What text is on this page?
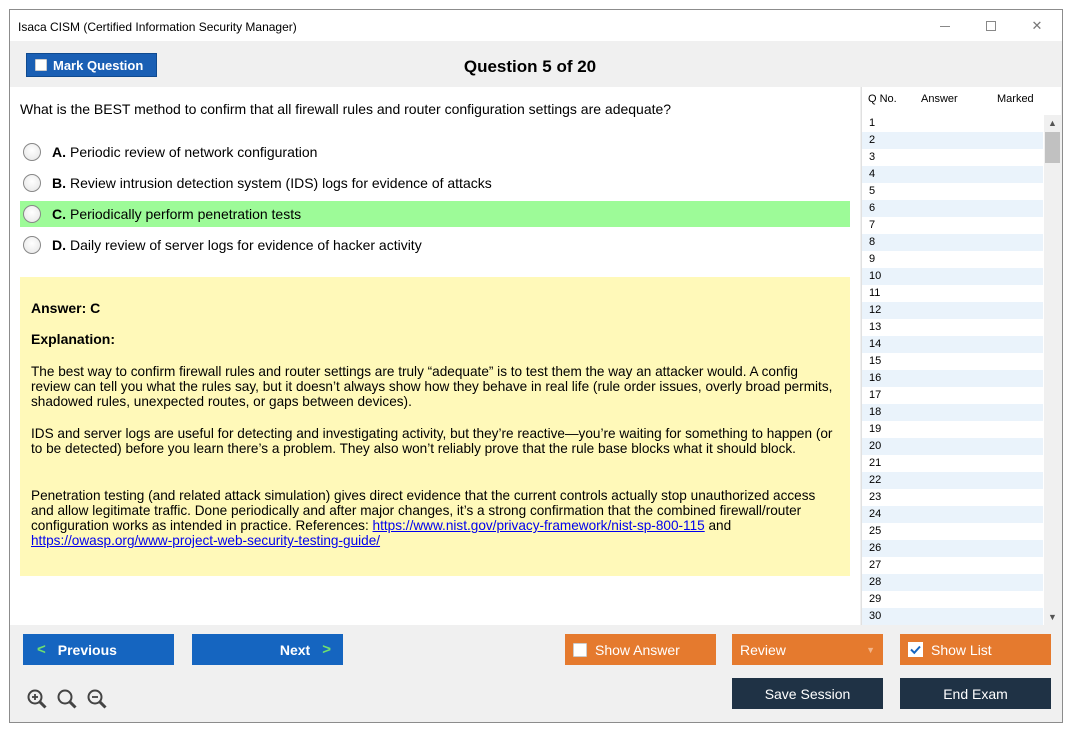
Isaca CISM (Certified Information Security Manager)	✕
Mark Question	Question 5 of 20
What is the BEST method to confirm that all firewall rules and router configuration settings are adequate?
A. Periodic review of network configuration
B. Review intrusion detection system (IDS) logs for evidence of attacks
C. Periodically perform penetration tests
D. Daily review of server logs for evidence of hacker activity
Answer: C
Explanation:
The best way to confirm firewall rules and router settings are truly “adequate” is to test them the way an attacker would. A config review can tell you what the rules say, but it doesn’t always show how they behave in real life (rule order issues, overly broad permits, shadowed rules, unexpected routes, or gaps between devices).
IDS and server logs are useful for detecting and investigating activity, but they’re reactive—you’re waiting for something to happen (or to be detected) before you learn there’s a problem. They also won’t reliably prove that the rule base blocks what it should block.
Penetration testing (and related attack simulation) gives direct evidence that the current controls actually stop unauthorized access and allow legitimate traffic. Done periodically and after major changes, it’s a strong confirmation that the combined firewall/router configuration works as intended in practice. References: https://www.nist.gov/privacy-framework/nist-sp-800-115 and https://owasp.org/www-project-web-security-testing-guide/
Q No. Answer	Marked
1
2
3
4
5
6
7
8
9
10
11
12
13
14
15
16
17
18
19
20
21
22
23
24
25
26
27
28
29
30
▲
▼
< Previous	Next >	Show Answer	Review	▼	Show List
Save Session	End Exam
